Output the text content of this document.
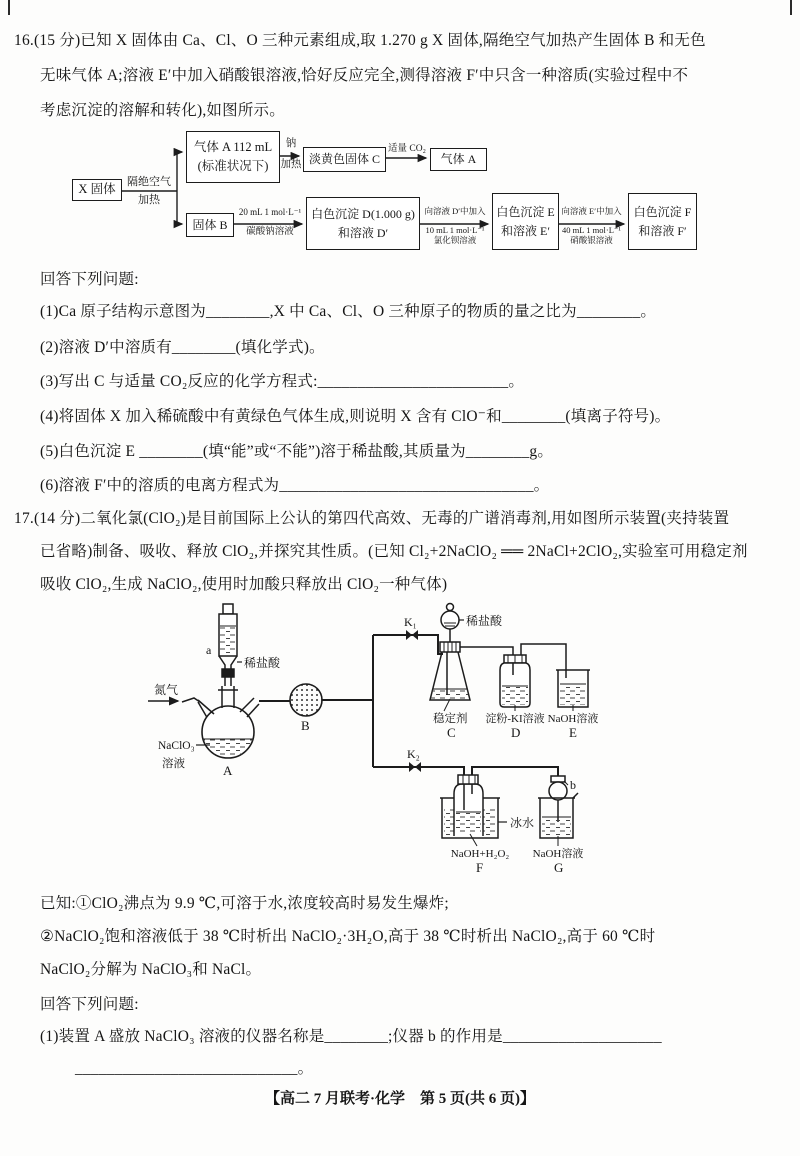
16.(15 分)已知 X 固体由 Ca、Cl、O 三种元素组成,取 1.270 g X 固体,隔绝空气加热产生固体 B 和无色
无味气体 A;溶液 E′中加入硝酸银溶液,恰好反应完全,测得溶液 F′中只含一种溶质(实验过程中不
考虑沉淀的溶解和转化),如图所示。
X 固体
隔绝空气
加热
气体 A 112 mL
(标准状况下)
钠
加热 淡黄色固体 C
适量 CO₂
气体 A
固体 B
20 mL 1 mol·L⁻¹
碳酸钠溶液
白色沉淀 D(1.000 g)
和溶液 D′
向溶液 D′中加入
10 mL 1 mol·L⁻¹
氯化钡溶液
白色沉淀 E
和溶液 E′
向溶液 E′中加入
40 mL 1 mol·L⁻¹
硝酸银溶液
白色沉淀 F
和溶液 F′
回答下列问题:
(1)Ca 原子结构示意图为________,X 中 Ca、Cl、O 三种原子的物质的量之比为________。
(2)溶液 D′中溶质有________(填化学式)。
(3)写出 C 与适量 CO₂反应的化学方程式:________________________。
(4)将固体 X 加入稀硫酸中有黄绿色气体生成,则说明 X 含有 ClO⁻和________(填离子符号)。
(5)白色沉淀 E ________(填“能”或“不能”)溶于稀盐酸,其质量为________g。
(6)溶液 F′中的溶质的电离方程式为________________________________。
17.(14 分)二氧化氯(ClO₂)是目前国际上公认的第四代高效、无毒的广谱消毒剂,用如图所示装置(夹持装置
已省略)制备、吸收、释放 ClO₂,并探究其性质。(已知 Cl₂+2NaClO₂ ══ 2NaCl+2ClO₂,实验室可用稳定剂
吸收 ClO₂,生成 NaClO₂,使用时加酸只释放出 ClO₂一种气体)
a
稀盐酸
氮气
NaClO₃
溶液	A
B
K₁
K₂
稀盐酸
稳定剂
C
淀粉-KI溶液
D
NaOH溶液
E
冰水
NaOH+H₂O₂
F
b
NaOH溶液
G
已知:①ClO₂沸点为 9.9 ℃,可溶于水,浓度较高时易发生爆炸;
②NaClO₂饱和溶液低于 38 ℃时析出 NaClO₂·3H₂O,高于 38 ℃时析出 NaClO₂,高于 60 ℃时
NaClO₂分解为 NaClO₃和 NaCl。
回答下列问题:
(1)装置 A 盛放 NaClO₃ 溶液的仪器名称是________;仪器 b 的作用是____________________
____________________________。
【高二 7 月联考·化学　第 5 页(共 6 页)】
